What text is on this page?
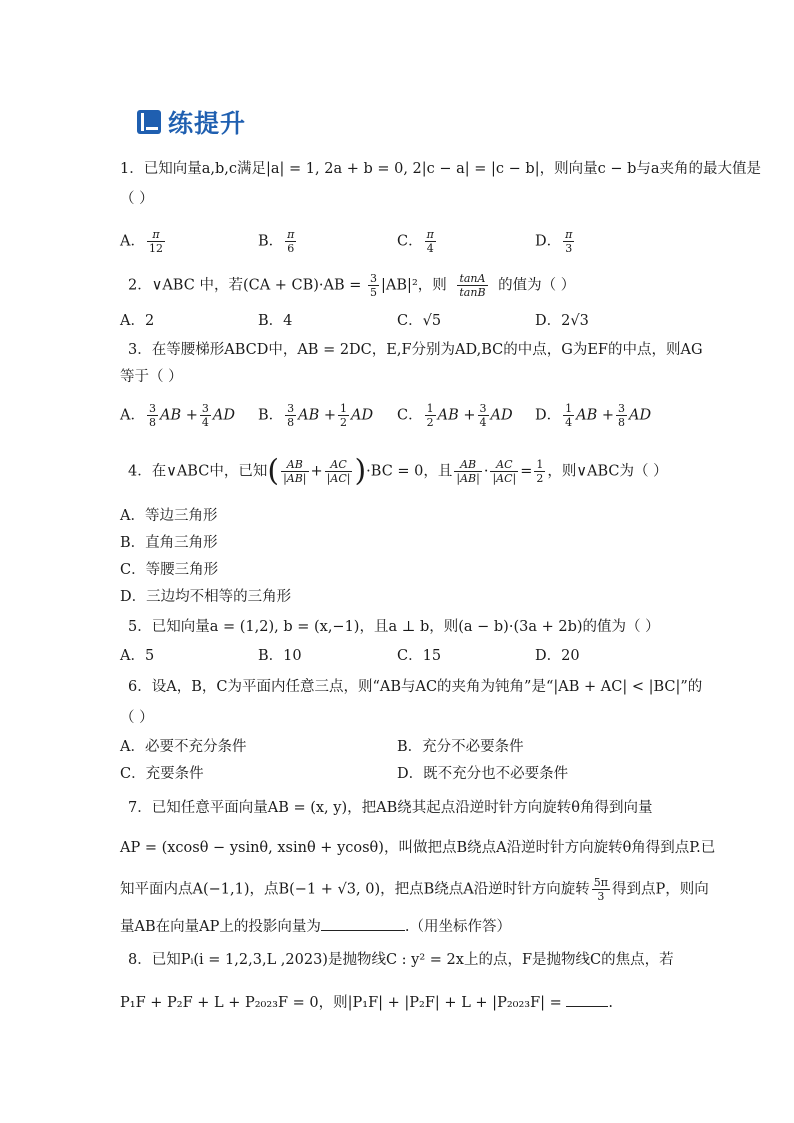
练提升
1．已知向量a,b,c满足|a| = 1, 2a + b = 0, 2|c − a| = |c − b|，则向量c − b与a夹角的最大值是
（ ）
A． $\frac{\pi}{12}$	B． $\frac{\pi}{6}$	C． $\frac{\pi}{4}$	D． $\frac{\pi}{3}$
2．∨ABC 中，若$(CA + CB)\cdot AB = \frac{3}{5} |AB|^2$，则 $\frac{\tan A}{\tan B}$ 的值为（ ）
A．2	B．4	C．√5	D．2√3
3．在等腰梯形ABCD中，AB = 2DC，E,F分别为AD,BC的中点，G为EF的中点，则AG
等于（ ）
A． $\frac{3}{8}$ AB + $\frac{3}{4}$ AD B． $\frac{3}{8}$ AB + $\frac{1}{2}$ AD C． $\frac{1}{2}$ AB + $\frac{3}{4}$ AD D． $\frac{1}{4}$ AB + $\frac{3}{8}$ AD
4．在∨ABC中，已知( $\frac{AB}{|AB|} + \frac{AC}{|AC|} )\cdot BC = 0$，且 $\frac{AB}{|AB|} \cdot \frac{AC}{|AC|} = \frac{1}{2}$ ，则∨ABC为（ ）
A．等边三角形
B．直角三角形
C．等腰三角形
D．三边均不相等的三角形
5．已知向量a = (1,2), b = (x,−1)，且a ⊥ b，则(a − b)·(3a + 2b)的值为（ ）
A．5	B．10	C．15	D．20
6．设A，B，C为平面内任意三点，则“AB与AC的夹角为钝角”是“|AB + AC| < |BC|”的
（ ）
A．必要不充分条件	B．充分不必要条件
C．充要条件	D．既不充分也不必要条件
7．已知任意平面向量AB = (x, y)，把AB绕其起点沿逆时针方向旋转θ角得到向量
AP = (xcosθ − ysinθ, xsinθ + ycosθ)，叫做把点B绕点A沿逆时针方向旋转θ角得到点P.已
知平面内点A(−1,1)，点B(−1 + √3, 0)，把点B绕点A沿逆时针方向旋转 $\frac{5\pi}{3}$ 得到点P，则向
量AB在向量AP上的投影向量为	.（用坐标作答）
8．已知Pᵢ(i = 1,2,3,L ,2023)是抛物线C : y² = 2x上的点，F是抛物线C的焦点，若
P₁F + P₂F + L + P₂₀₂₃F = 0，则|P₁F| + |P₂F| + L + |P₂₀₂₃F| =	.
